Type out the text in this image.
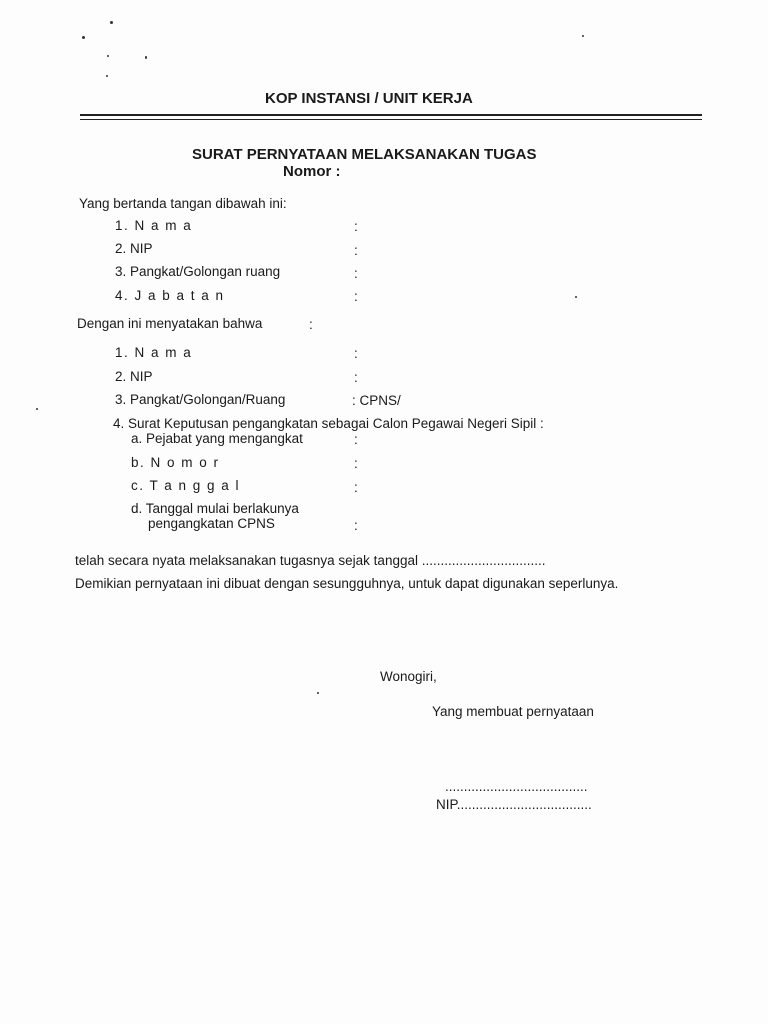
KOP INSTANSI / UNIT KERJA
SURAT PERNYATAAN MELAKSANAKAN TUGAS
Nomor :
Yang bertanda tangan dibawah ini:
1. N a m a	:
2. NIP	:
3. Pangkat/Golongan ruang	:
4. J a b a t a n	:
Dengan ini menyatakan bahwa	:
1. N a m a	:
2. NIP	:
3. Pangkat/Golongan/Ruang	: CPNS/
4. Surat Keputusan pengangkatan sebagai Calon Pegawai Negeri Sipil :
a. Pejabat yang mengangkat	:
b. N o m o r	:
c. T a n g g a l	:
d. Tanggal mulai berlakunya
pengangkatan CPNS	:
telah secara nyata melaksanakan tugasnya sejak tanggal .................................
Demikian pernyataan ini dibuat dengan sesungguhnya, untuk dapat digunakan seperlunya.
Wonogiri,
Yang membuat pernyataan
......................................
NIP....................................
